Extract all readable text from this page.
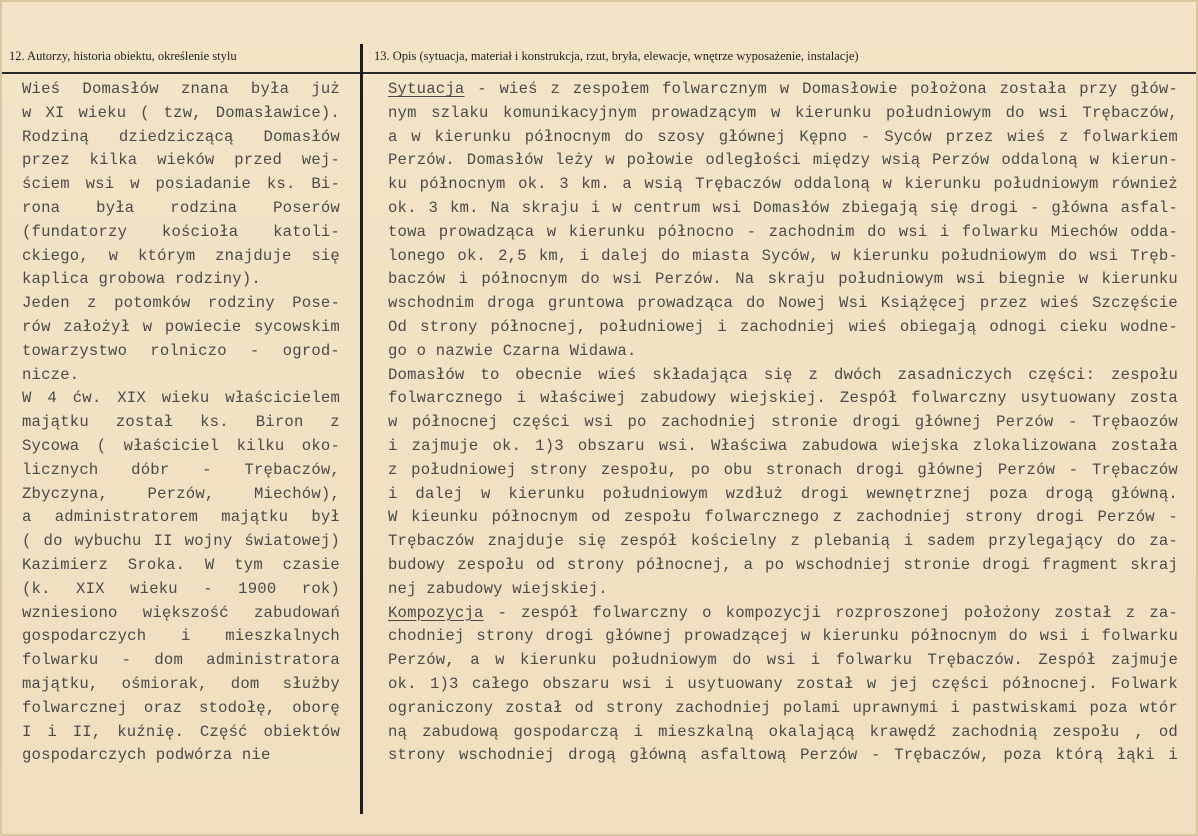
12. Autorzy, historia obiektu, określenie stylu	13. Opis (sytuacja, materiał i konstrukcja, rzut, bryła, elewacje, wnętrze wyposażenie, instalacje)
Wieś Domasłów znana była już
w XI wieku ( tzw, Domasławice).
Rodziną dziedziczącą Domasłów
przez kilka wieków przed wej-
ściem wsi w posiadanie ks. Bi-
rona była rodzina Poserów
(fundatorzy kościoła katoli-
ckiego, w którym znajduje się
kaplica grobowa rodziny).
Jeden z potomków rodziny Pose-
rów założył w powiecie sycowskim
towarzystwo rolniczo - ogrod-
nicze.
W 4 ćw. XIX wieku właścicielem
majątku został ks. Biron z
Sycowa ( właściciel kilku oko-
licznych dóbr - Trębaczów,
Zbyczyna, Perzów, Miechów),
a administratorem majątku był
( do wybuchu II wojny światowej)
Kazimierz Sroka. W tym czasie
(k. XIX wieku - 1900 rok)
wzniesiono większość zabudowań
gospodarczych i mieszkalnych
folwarku - dom administratora
majątku, ośmiorak, dom służby
folwarcznej oraz stodołę, oborę
I i II, kuźnię. Część obiektów
gospodarczych podwórza nie
Sytuacja - wieś z zespołem folwarcznym w Domasłowie położona została przy głów-
nym szlaku komunikacyjnym prowadzącym w kierunku południowym do wsi Trębaczów,
a w kierunku północnym do szosy głównej Kępno - Syców przez wieś z folwarkiem
Perzów. Domasłów leży w połowie odległości między wsią Perzów oddaloną w kierun-
ku północnym ok. 3 km. a wsią Trębaczów oddaloną w kierunku południowym również
ok. 3 km. Na skraju i w centrum wsi Domasłów zbiegają się drogi - główna asfal-
towa prowadząca w kierunku północno - zachodnim do wsi i folwarku Miechów odda-
lonego ok. 2,5 km, i dalej do miasta Syców, w kierunku południowym do wsi Tręb-
baczów i północnym do wsi Perzów. Na skraju południowym wsi biegnie w kierunku
wschodnim droga gruntowa prowadząca do Nowej Wsi Książęcej przez wieś Szczęście
Od strony północnej, południowej i zachodniej wieś obiegają odnogi cieku wodne-
go o nazwie Czarna Widawa.
Domasłów to obecnie wieś składająca się z dwóch zasadniczych części: zespołu
folwarcznego i właściwej zabudowy wiejskiej. Zespół folwarczny usytuowany zosta
w północnej części wsi po zachodniej stronie drogi głównej Perzów - Trębaozów
i zajmuje ok. 1)3 obszaru wsi. Właściwa zabudowa wiejska zlokalizowana została
z południowej strony zespołu, po obu stronach drogi głównej Perzów - Trębaczów
i dalej w kierunku południowym wzdłuż drogi wewnętrznej poza drogą główną.
W kieunku północnym od zespołu folwarcznego z zachodniej strony drogi Perzów -
Trębaczów znajduje się zespół kościelny z plebanią i sadem przylegający do za-
budowy zespołu od strony północnej, a po wschodniej stronie drogi fragment skraj
nej zabudowy wiejskiej.
Kompozycja - zespół folwarczny o kompozycji rozproszonej położony został z za-
chodniej strony drogi głównej prowadzącej w kierunku północnym do wsi i folwarku
Perzów, a w kierunku południowym do wsi i folwarku Trębaczów. Zespół zajmuje
ok. 1)3 całego obszaru wsi i usytuowany został w jej części północnej. Folwark
ograniczony został od strony zachodniej polami uprawnymi i pastwiskami poza wtór
ną zabudową gospodarczą i mieszkalną okalającą krawędź zachodnią zespołu , od
strony wschodniej drogą główną asfaltową Perzów - Trębaczów, poza którą łąki i
